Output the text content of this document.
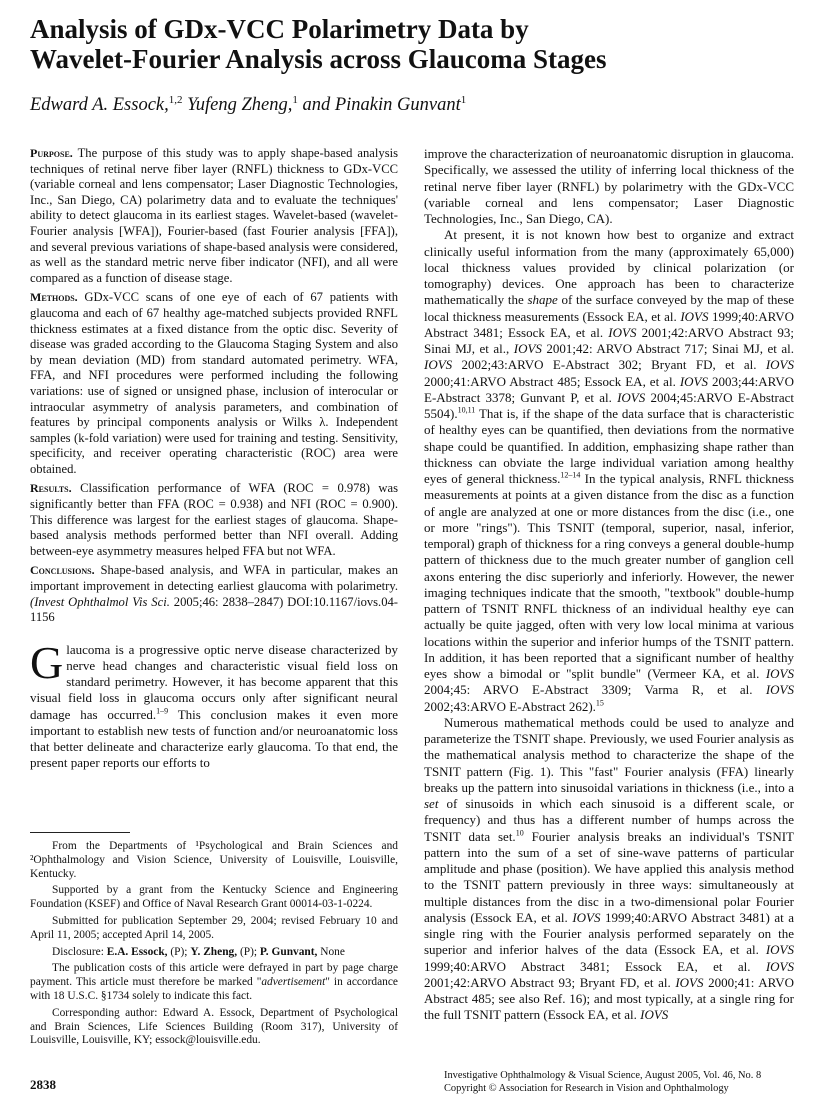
Analysis of GDx-VCC Polarimetry Data by
Wavelet-Fourier Analysis across Glaucoma Stages

Edward A. Essock,$^{1,2}$ Yufeng Zheng,$^1$ and Pinakin Gunvant$^1$

Purpose. The purpose of this study was to apply shape-based analysis techniques of retinal nerve fiber layer (RNFL) thickness to GDx-VCC (variable corneal and lens compensator; Laser Diagnostic Technologies, Inc., San Diego, CA) polarimetry data and to evaluate the techniques' ability to detect glaucoma in its earliest stages. Wavelet-based (wavelet-Fourier analysis [WFA]), Fourier-based (fast Fourier analysis [FFA]), and several previous variations of shape-based analysis were considered, as well as the standard metric nerve fiber indicator (NFI), and all were compared as a function of disease stage.

Methods. GDx-VCC scans of one eye of each of 67 patients with glaucoma and each of 67 healthy age-matched subjects provided RNFL thickness estimates at a fixed distance from the optic disc. Severity of disease was graded according to the Glaucoma Staging System and also by mean deviation (MD) from standard automated perimetry. WFA, FFA, and NFI procedures were performed including the following variations: use of signed or unsigned phase, inclusion of interocular or intraocular asymmetry of analysis parameters, and combination of features by principal components analysis or Wilks λ. Independent samples (k-fold variation) were used for training and testing. Sensitivity, specificity, and receiver operating characteristic (ROC) area were obtained.

Results. Classification performance of WFA (ROC = 0.978) was significantly better than FFA (ROC = 0.938) and NFI (ROC = 0.900). This difference was largest for the earliest stages of glaucoma. Shape-based analysis methods performed better than NFI overall. Adding between-eye asymmetry measures helped FFA but not WFA.

Conclusions. Shape-based analysis, and WFA in particular, makes an important improvement in detecting earliest glaucoma with polarimetry. (Invest Ophthalmol Vis Sci. 2005;46: 2838–2847) DOI:10.1167/iovs.04-1156

Glaucoma is a progressive optic nerve disease characterized by nerve head changes and characteristic visual field loss on standard perimetry. However, it has become apparent that this visual field loss in glaucoma occurs only after significant neural damage has occurred.$^{1-9}$ This conclusion makes it even more important to establish new tests of function and/or neuroanatomic loss that better delineate and characterize early glaucoma. To that end, the present paper reports our efforts to

From the Departments of ¹Psychological and Brain Sciences and ²Ophthalmology and Vision Science, University of Louisville, Louisville, Kentucky.

Supported by a grant from the Kentucky Science and Engineering Foundation (KSEF) and Office of Naval Research Grant 00014-03-1-0224.

Submitted for publication September 29, 2004; revised February 10 and April 11, 2005; accepted April 14, 2005.

Disclosure: E.A. Essock, (P); Y. Zheng, (P); P. Gunvant, None

The publication costs of this article were defrayed in part by page charge payment. This article must therefore be marked "advertisement" in accordance with 18 U.S.C. §1734 solely to indicate this fact.

Corresponding author: Edward A. Essock, Department of Psychological and Brain Sciences, Life Sciences Building (Room 317), University of Louisville, Louisville, KY; essock@louisville.edu.

improve the characterization of neuroanatomic disruption in glaucoma. Specifically, we assessed the utility of inferring local thickness of the retinal nerve fiber layer (RNFL) by polarimetry with the GDx-VCC (variable corneal and lens compensator; Laser Diagnostic Technologies, Inc., San Diego, CA).

At present, it is not known how best to organize and extract clinically useful information from the many (approximately 65,000) local thickness values provided by clinical polarization (or tomography) devices. One approach has been to characterize mathematically the shape of the surface conveyed by the map of these local thickness measurements (Essock EA, et al. IOVS 1999;40:ARVO Abstract 3481; Essock EA, et al. IOVS 2001;42:ARVO Abstract 93; Sinai MJ, et al., IOVS 2001;42: ARVO Abstract 717; Sinai MJ, et al. IOVS 2002;43:ARVO E-Abstract 302; Bryant FD, et al. IOVS 2000;41:ARVO Abstract 485; Essock EA, et al. IOVS 2003;44:ARVO E-Abstract 3378; Gunvant P, et al. IOVS 2004;45:ARVO E-Abstract 5504).$^{10,11}$ That is, if the shape of the data surface that is characteristic of healthy eyes can be quantified, then deviations from the normative shape could be quantified. In addition, emphasizing shape rather than thickness can obviate the large individual variation among healthy eyes of general thickness.$^{12-14}$ In the typical analysis, RNFL thickness measurements at points at a given distance from the disc as a function of angle are analyzed at one or more distances from the disc (i.e., one or more "rings"). This TSNIT (temporal, superior, nasal, inferior, temporal) graph of thickness for a ring conveys a general double-hump pattern of thickness due to the much greater number of ganglion cell axons entering the disc superiorly and inferiorly. However, the newer imaging techniques indicate that the smooth, "textbook" double-hump pattern of TSNIT RNFL thickness of an individual healthy eye can actually be quite jagged, often with very low local minima at various locations within the superior and inferior humps of the TSNIT pattern. In addition, it has been reported that a significant number of healthy eyes show a bimodal or "split bundle" (Vermeer KA, et al. IOVS 2004;45: ARVO E-Abstract 3309; Varma R, et al. IOVS 2002;43:ARVO E-Abstract 262).$^{15}$

Numerous mathematical methods could be used to analyze and parameterize the TSNIT shape. Previously, we used Fourier analysis as the mathematical analysis method to characterize the shape of the TSNIT pattern (Fig. 1). This "fast" Fourier analysis (FFA) linearly breaks up the pattern into sinusoidal variations in thickness (i.e., into a set of sinusoids in which each sinusoid is a different scale, or frequency) and thus has a different number of humps across the TSNIT data set.$^{10}$ Fourier analysis breaks an individual's TSNIT pattern into the sum of a set of sine-wave patterns of particular amplitude and phase (position). We have applied this analysis method to the TSNIT pattern previously in three ways: simultaneously at multiple distances from the disc in a two-dimensional polar Fourier analysis (Essock EA, et al. IOVS 1999;40:ARVO Abstract 3481) at a single ring with the Fourier analysis performed separately on the superior and inferior halves of the data (Essock EA, et al. IOVS 1999;40:ARVO Abstract 3481; Essock EA, et al. IOVS 2001;42:ARVO Abstract 93; Bryant FD, et al. IOVS 2000;41: ARVO Abstract 485; see also Ref. 16); and most typically, at a single ring for the full TSNIT pattern (Essock EA, et al. IOVS

2838

Investigative Ophthalmology & Visual Science, August 2005, Vol. 46, No. 8
Copyright © Association for Research in Vision and Ophthalmology
